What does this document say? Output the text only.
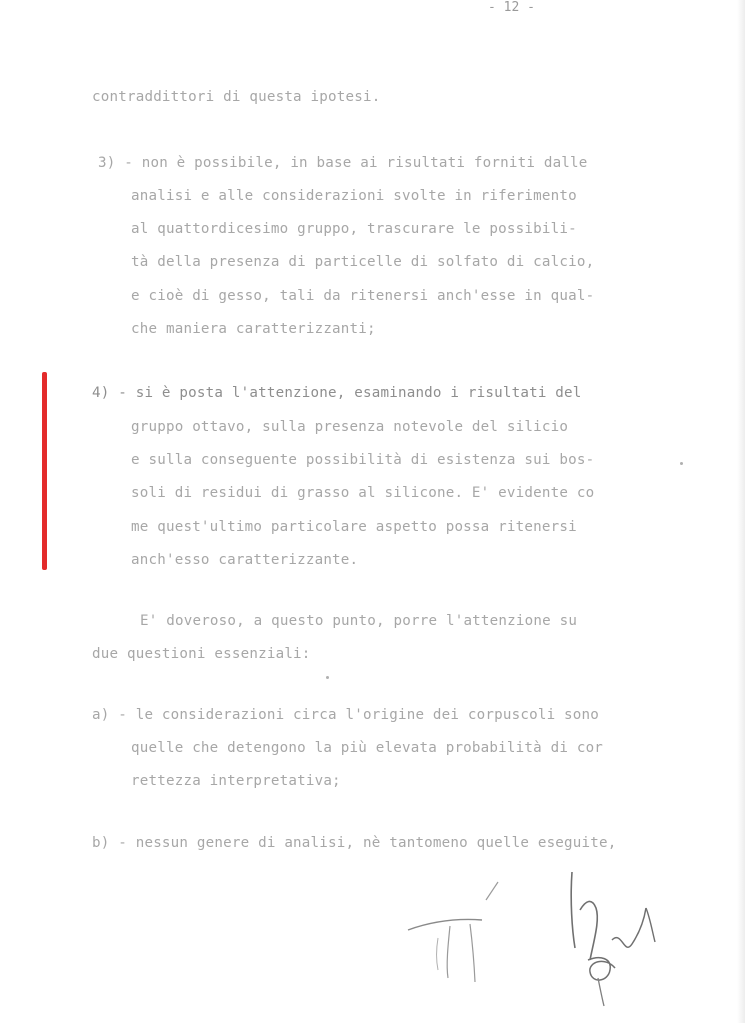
- 12 -
contraddittori di questa ipotesi.
3) - non è possibile, in base ai risultati forniti dalle
analisi e alle considerazioni svolte in riferimento
al quattordicesimo gruppo, trascurare le possibili-
tà della presenza di particelle di solfato di calcio,
e cioè di gesso, tali da ritenersi anch'esse in qual-
che maniera caratterizzanti;
4) - si è posta l'attenzione, esaminando i risultati del
gruppo ottavo, sulla presenza notevole del silicio
e sulla conseguente possibilità di esistenza sui bos-
soli di residui di grasso al silicone. E' evidente co
me quest'ultimo particolare aspetto possa ritenersi
anch'esso caratterizzante.
E' doveroso, a questo punto, porre l'attenzione su
due questioni essenziali:
a) - le considerazioni circa l'origine dei corpuscoli sono
quelle che detengono la più elevata probabilità di cor
rettezza interpretativa;
b) - nessun genere di analisi, nè tantomeno quelle eseguite,
